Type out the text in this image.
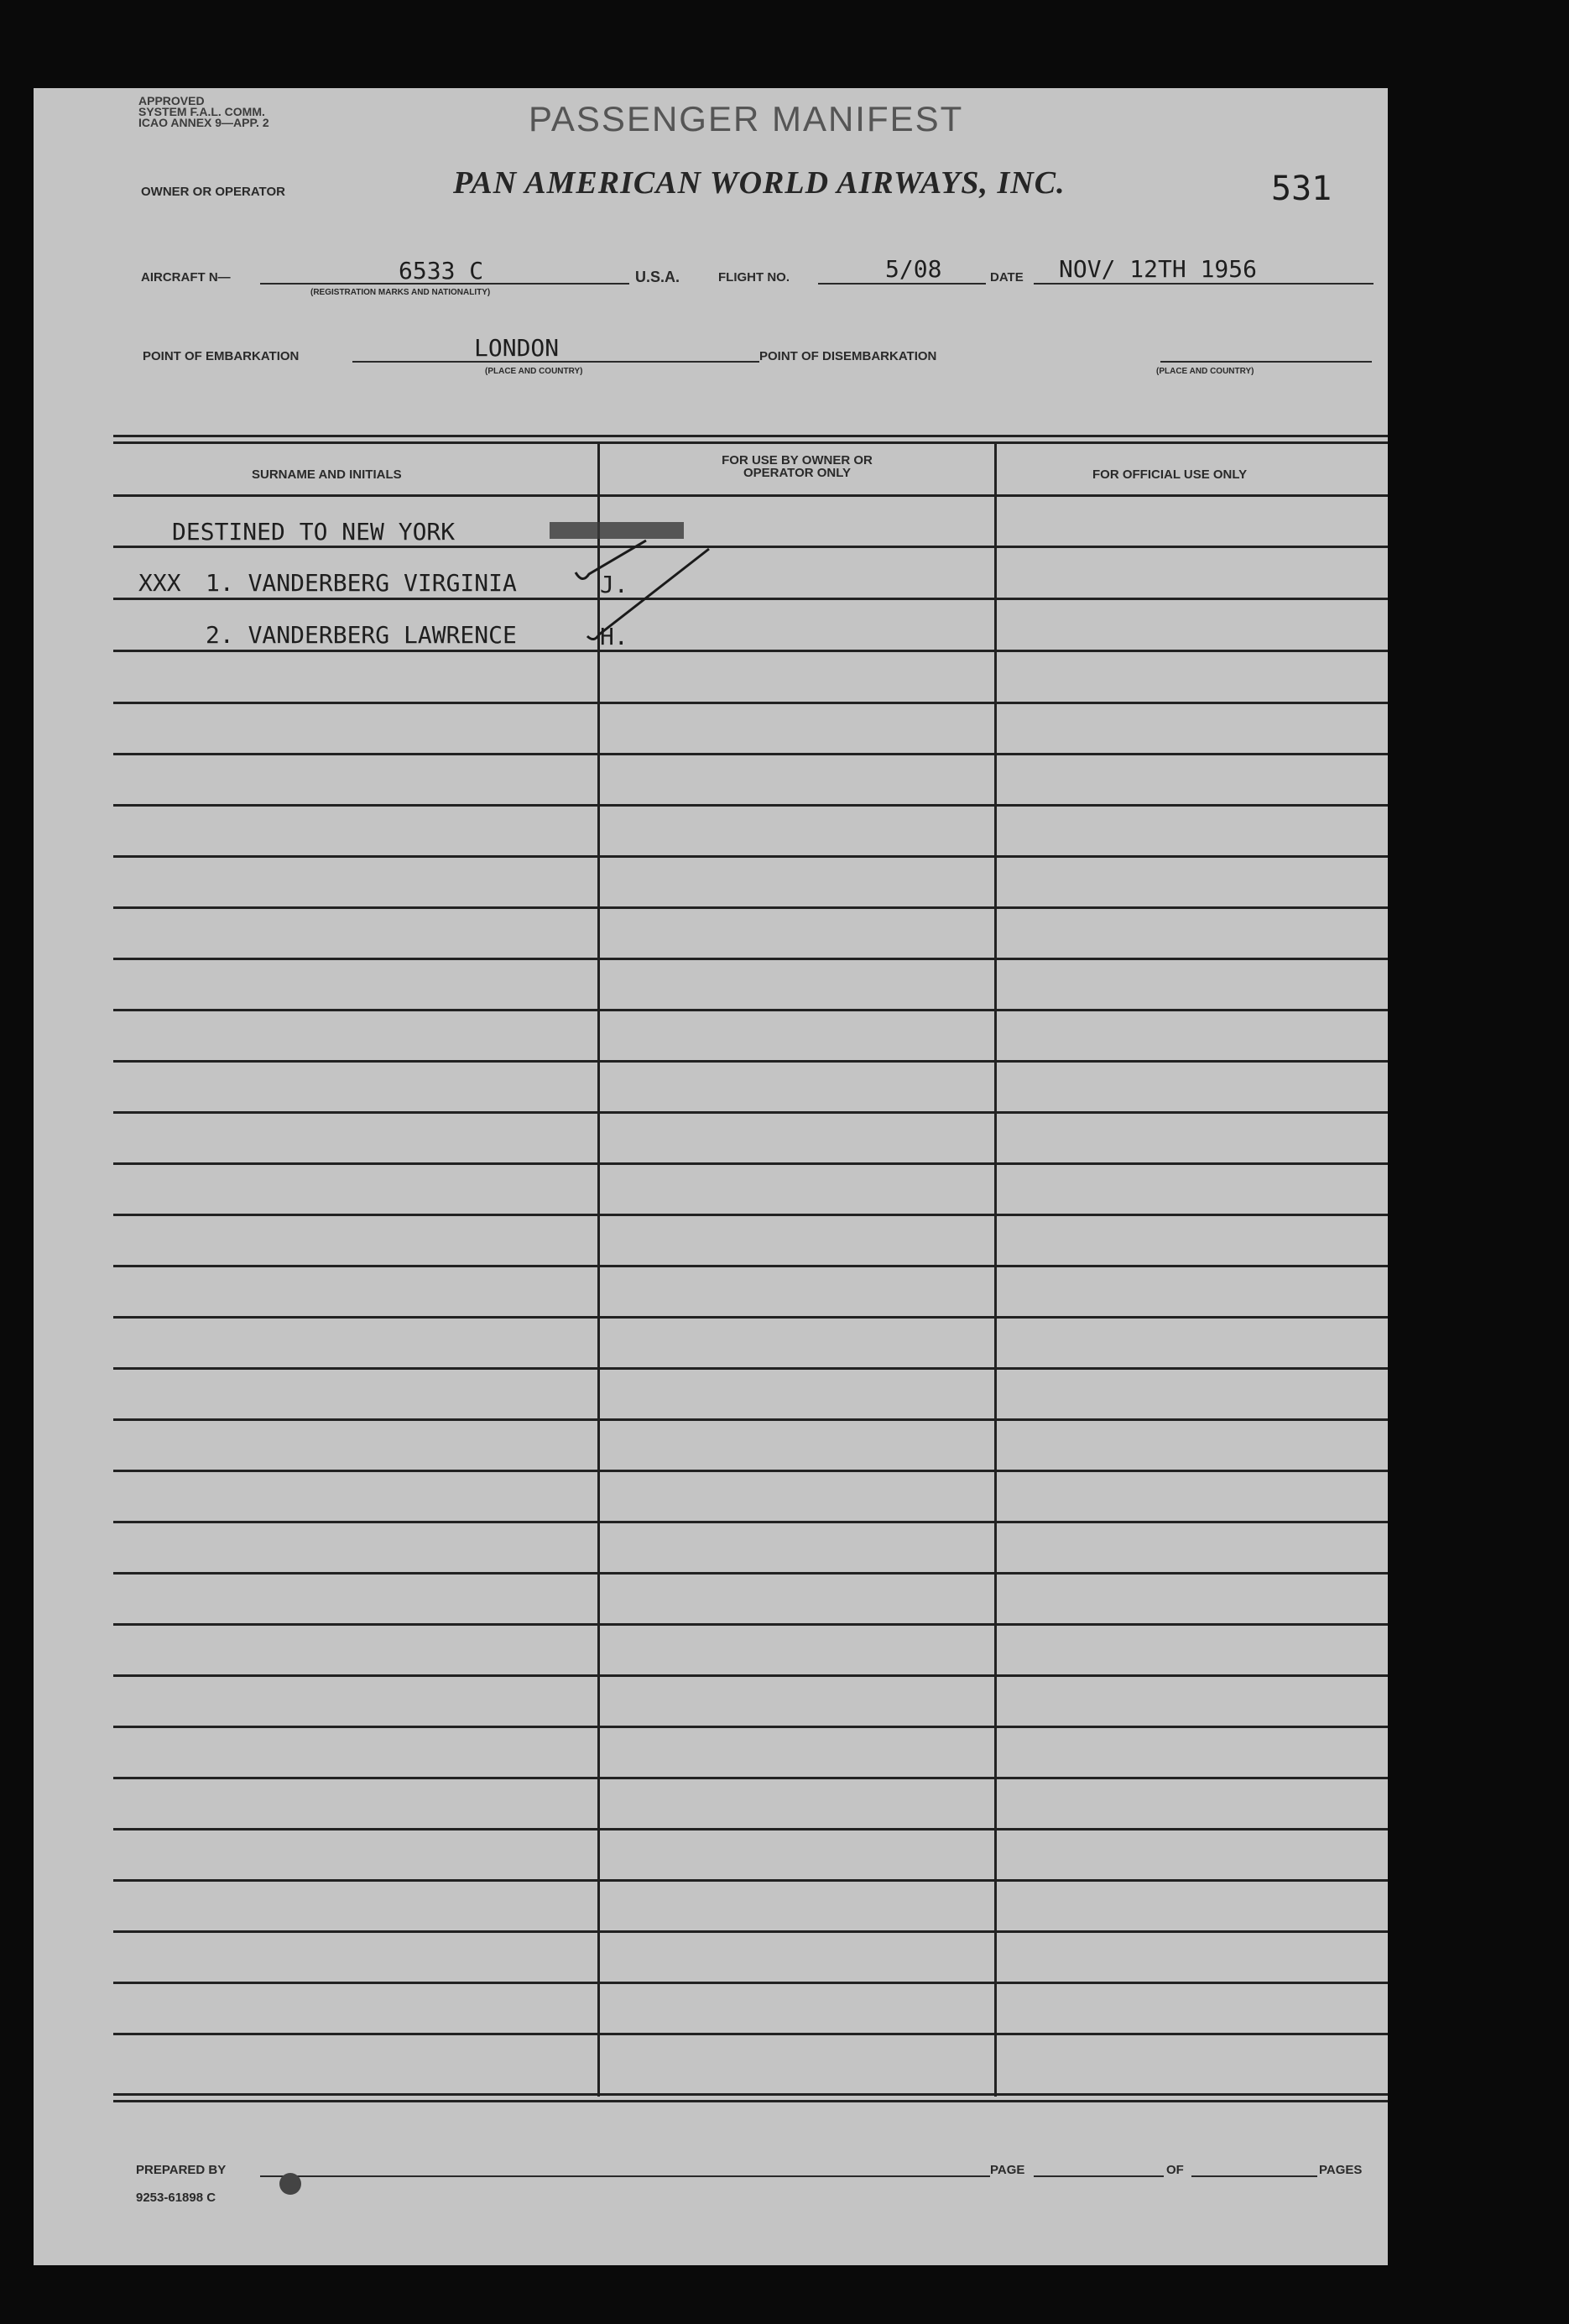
APPROVED
SYSTEM F.A.L. COMM.
ICAO ANNEX 9—APP. 2	PASSENGER MANIFEST
OWNER OR OPERATOR	PAN AMERICAN WORLD AIRWAYS, INC.	531
AIRCRAFT N—	6533 C
(REGISTRATION MARKS AND NATIONALITY)
U.S.A.	FLIGHT NO.	5/08	DATE NOV/ 12TH 1956
POINT OF EMBARKATION	LONDON
(PLACE AND COUNTRY)
POINT OF DISEMBARKATION
(PLACE AND COUNTRY)
SURNAME AND INITIALS
FOR USE BY OWNER OR OPERATOR ONLY	FOR OFFICIAL USE ONLY
DESTINED TO NEW YORK
XXX 1. VANDERBERG VIRGINIA	J.
2. VANDERBERG LAWRENCE	H.
PREPARED BY
9253-61898 C
PAGE	OF	PAGES
